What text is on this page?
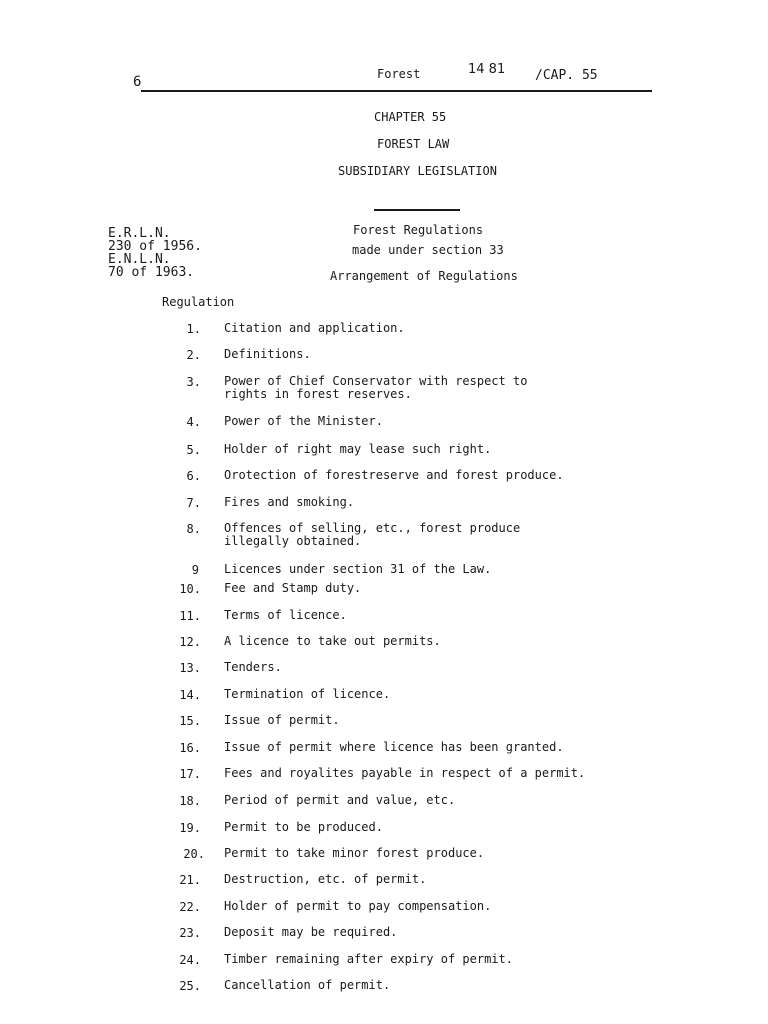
6	Forest	14 81 /CAP. 55
CHAPTER 55
FOREST LAW
SUBSIDIARY LEGISLATION
E.R.L.N.
230 of 1956.
E.N.L.N.
70 of 1963.
Forest Regulations
made under section 33
Arrangement of Regulations
Regulation
1. Citation and application.
2. Definitions.
3. Power of Chief Conservator with respect to
rights in forest reserves.
4. Power of the Minister.
5. Holder of right may lease such right.
6. Orotection of forestreserve and forest produce.
7. Fires and smoking.
8. Offences of selling, etc., forest produce
illegally obtained.
9 Licences under section 31 of the Law.
10. Fee and Stamp duty.
11. Terms of licence.
12. A licence to take out permits.
13. Tenders.
14. Termination of licence.
15. Issue of permit.
16. Issue of permit where licence has been granted.
17. Fees and royalites payable in respect of a permit.
18. Period of permit and value, etc.
19. Permit to be produced.
20. Permit to take minor forest produce.
21. Destruction, etc. of permit.
22. Holder of permit to pay compensation.
23. Deposit may be required.
24. Timber remaining after expiry of permit.
25. Cancellation of permit.
